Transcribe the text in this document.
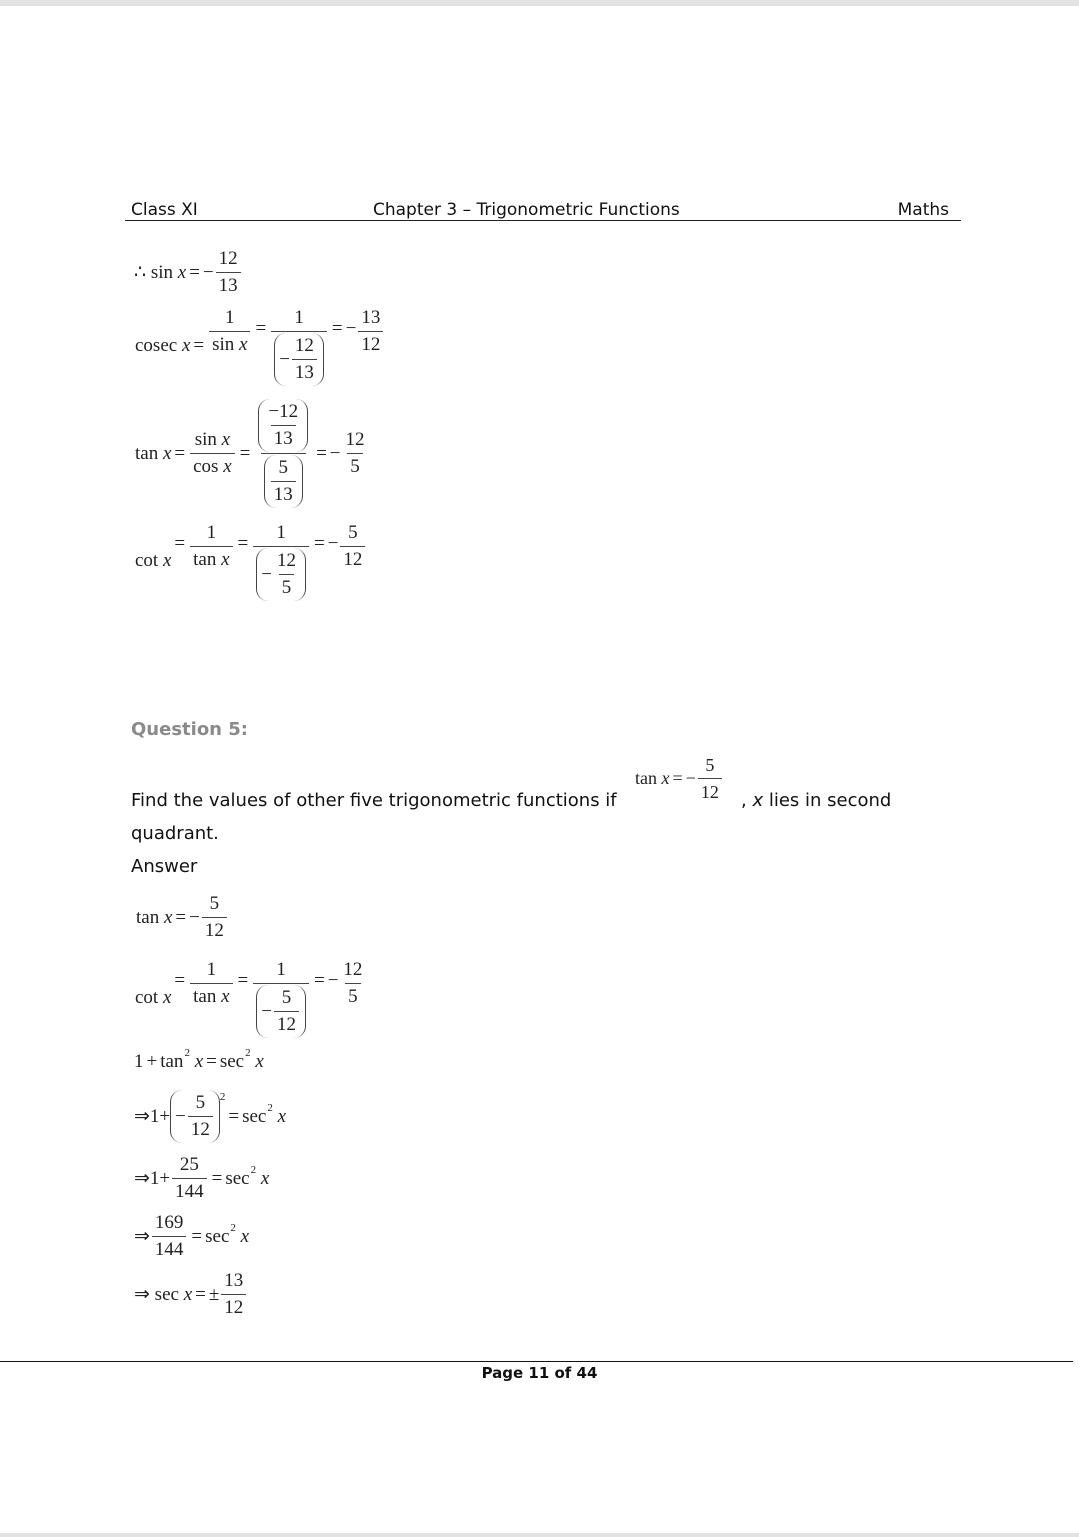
Class XI	Chapter 3 – Trigonometric Functions	Maths
∴
sin
x = − $\frac{12}{13}$
cosec
$x = \frac{1}{\text{sin x}} = \frac{1}{- \frac{12}{13}}$ = − $\frac{13}{12}$
tan
$x = \frac{\text{sin x}}{\text{cos x}} = \frac{\frac{-12}{13}}{\frac{5}{13}}$ = − $\frac{12}{5}$
cot
x
= $\frac{1}{\text{tan x}} = \frac{1}{- \frac{12}{5}}$ = − $\frac{5}{12}$
Question 5:
Find the values of other five trigonometric functions if
tan
x = − $\frac{5}{12}$ , x lies in second
quadrant.
Answer
tan
x = − $\frac{5}{12}$
cot
x
= $\frac{1}{\text{tan x}} = \frac{1}{- \frac{5}{12}}$ = − $\frac{12}{5}$
1 + tan 2
x = sec 2
x
⇒ 1 + − $\frac{5}{12} 2$
= sec 2
x
⇒ $1 + \frac{25}{144} = \sec 2$
x
⇒ $\frac{169}{144} = \sec 2$
x
⇒
sec
x = ± $\frac{13}{12}$
Page 11 of 44
